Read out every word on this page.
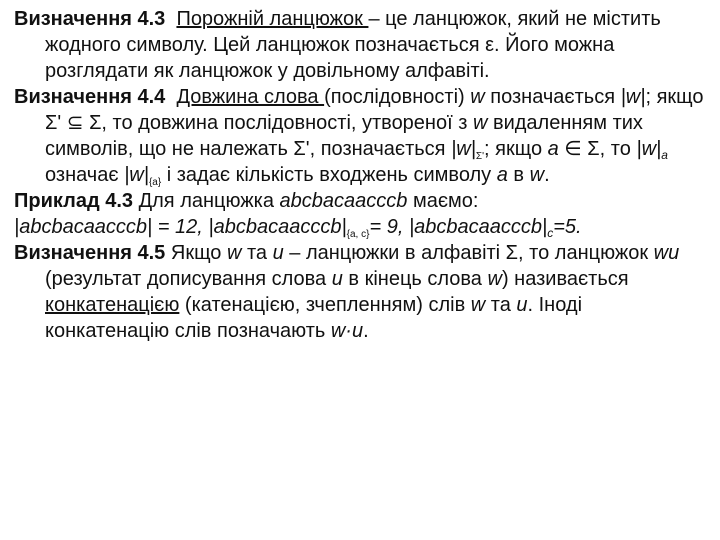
Визначення 4.3 Порожній ланцюжок – це ланцюжок, який не містить жодного символу. Цей ланцюжок позначається ε. Його можна розглядати як ланцюжок у довільному алфавіті.

Визначення 4.4 Довжина слова (послідовності) w позначається |w|; якщо Σ' ⊆ Σ, то довжина послідовності, утвореної з w видаленням тих символів, що не належать Σ', позначається $|w|_{\Sigma'}$; якщо a ∈ Σ, то $|w|_a$ означає $|w|_{\{a\}}$ і задає кількість входжень символу a в w.

Приклад 4.3 Для ланцюжка abcbacaacccb маємо:

|abcbacaacccb| = 12, $|abcbacaacccb|_{\{a, c\}}= 9$, $|abcbacaacccb|_c=5$.

Визначення 4.5 Якщо w та u – ланцюжки в алфавіті Σ, то ланцюжок wu (результат дописування слова u в кінець слова w) називається конкатенацією (катенацією, зчепленням) слів w та u. Іноді конкатенацію слів позначають w·u.
